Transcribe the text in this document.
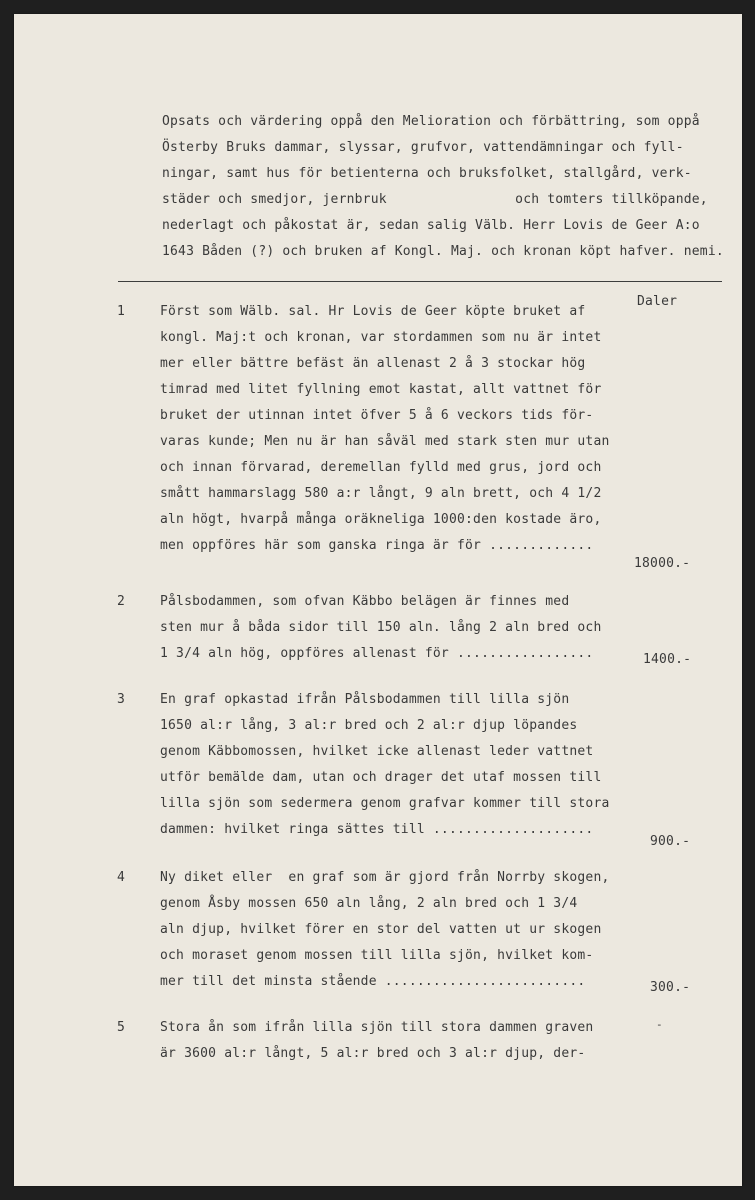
Opsats och värdering oppå den Melioration och förbättring, som oppå
Österby Bruks dammar, slyssar, grufvor, vattendämningar och fyll-
ningar, samt hus för betienterna och bruksfolket, stallgård, verk-
städer och smedjor, jernbruk                och tomters tillköpande,
nederlagt och påkostat är, sedan salig Välb. Herr Lovis de Geer A:o
1643 Båden (?) och bruken af Kongl. Maj. och kronan köpt hafver. nemi.
Daler
1	Först som Wälb. sal. Hr Lovis de Geer köpte bruket af
kongl. Maj:t och kronan, var stordammen som nu är intet
mer eller bättre befäst än allenast 2 å 3 stockar hög
timrad med litet fyllning emot kastat, allt vattnet för
bruket der utinnan intet öfver 5 å 6 veckors tids för-
varas kunde; Men nu är han såväl med stark sten mur utan
och innan förvarad, deremellan fylld med grus, jord och
smått hammarslagg 580 a:r långt, 9 aln brett, och 4 1/2
aln högt, hvarpå många oräkneliga 1000:den kostade äro,
men oppföres här som ganska ringa är för .............
18000.-
2	Pålsbodammen, som ofvan Käbbo belägen är finnes med
sten mur å båda sidor till 150 aln. lång 2 aln bred och
1 3/4 aln hög, oppföres allenast för .................	1400.-
3	En graf opkastad ifrån Pålsbodammen till lilla sjön
1650 al:r lång, 3 al:r bred och 2 al:r djup löpandes
genom Käbbomossen, hvilket icke allenast leder vattnet
utför bemälde dam, utan och drager det utaf mossen till
lilla sjön som sedermera genom grafvar kommer till stora
dammen: hvilket ringa sättes till ....................
900.-
4	Ny diket eller  en graf som är gjord från Norrby skogen,
genom Åsby mossen 650 aln lång, 2 aln bred och 1 3/4
aln djup, hvilket förer en stor del vatten ut ur skogen
och moraset genom mossen till lilla sjön, hvilket kom-
mer till det minsta stående .........................	300.-
5	Stora ån som ifrån lilla sjön till stora dammen graven
är 3600 al:r långt, 5 al:r bred och 3 al:r djup, der-
-
